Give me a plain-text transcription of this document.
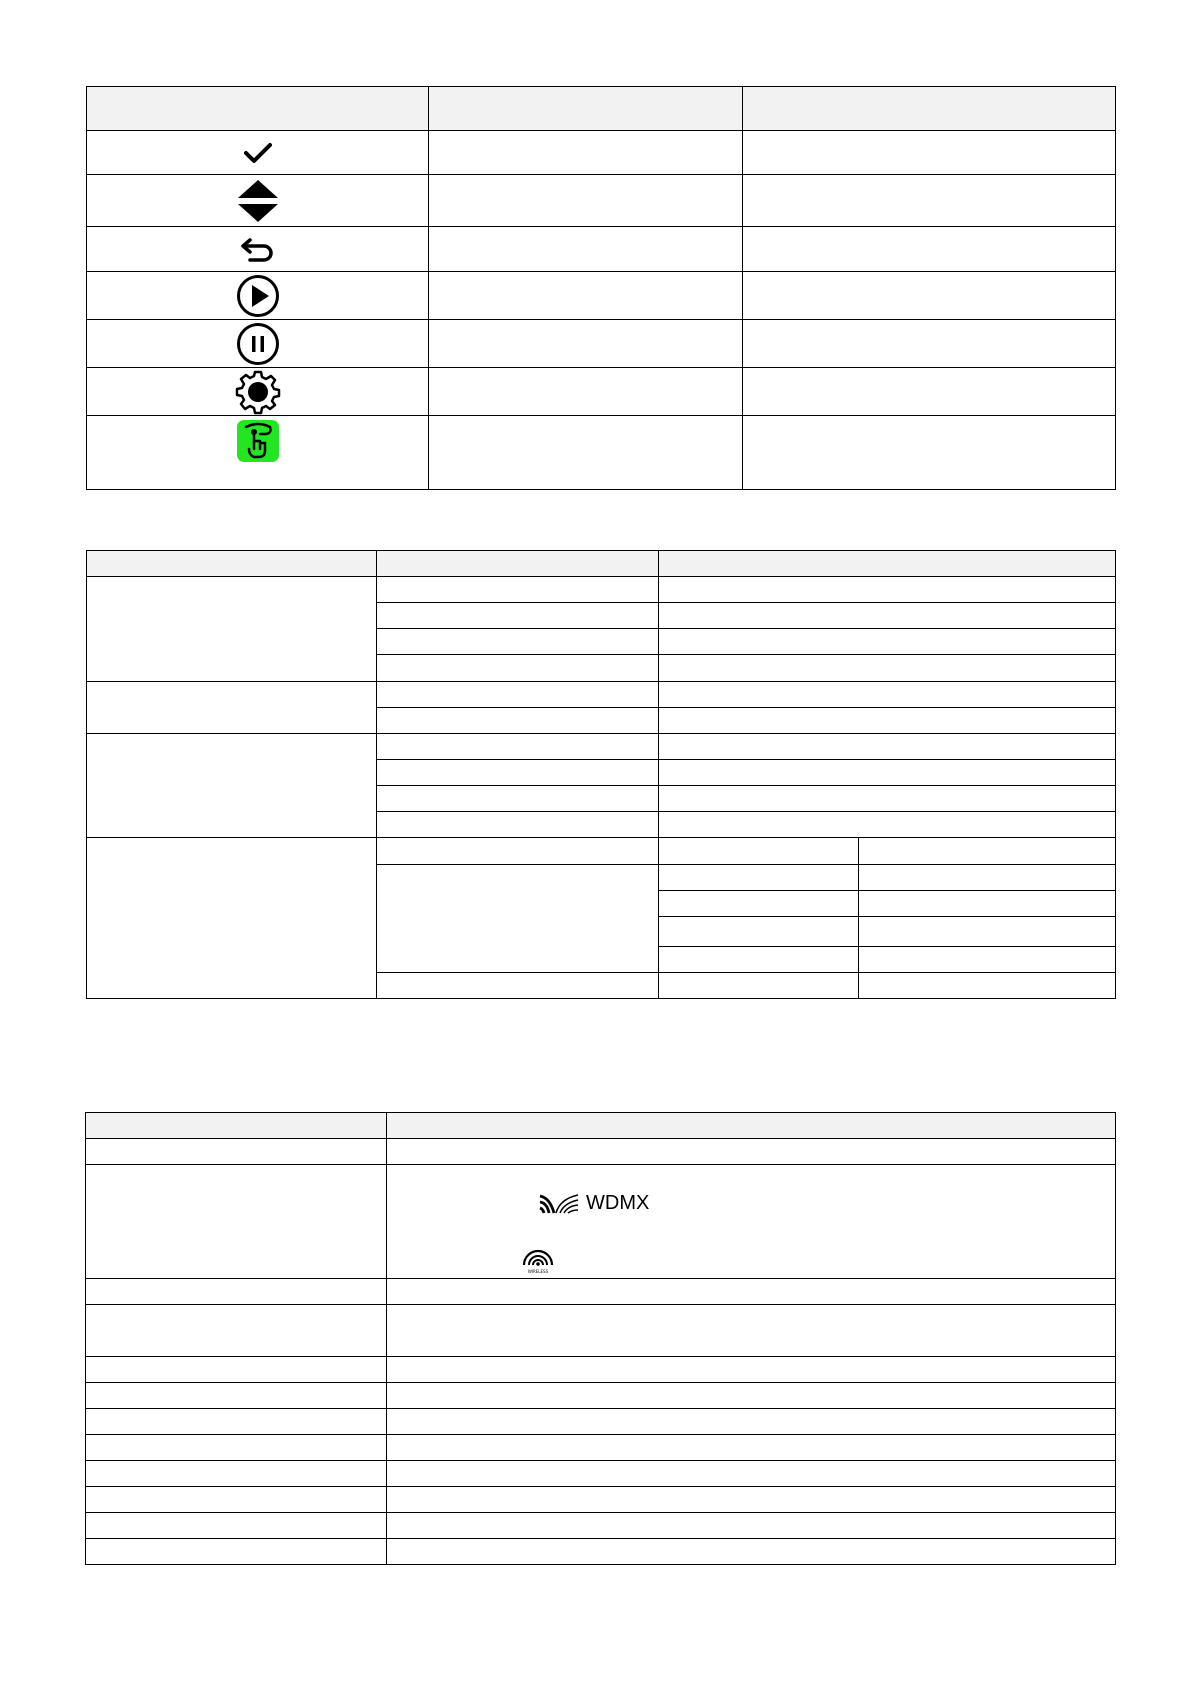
	WDMX
WIRELESS
